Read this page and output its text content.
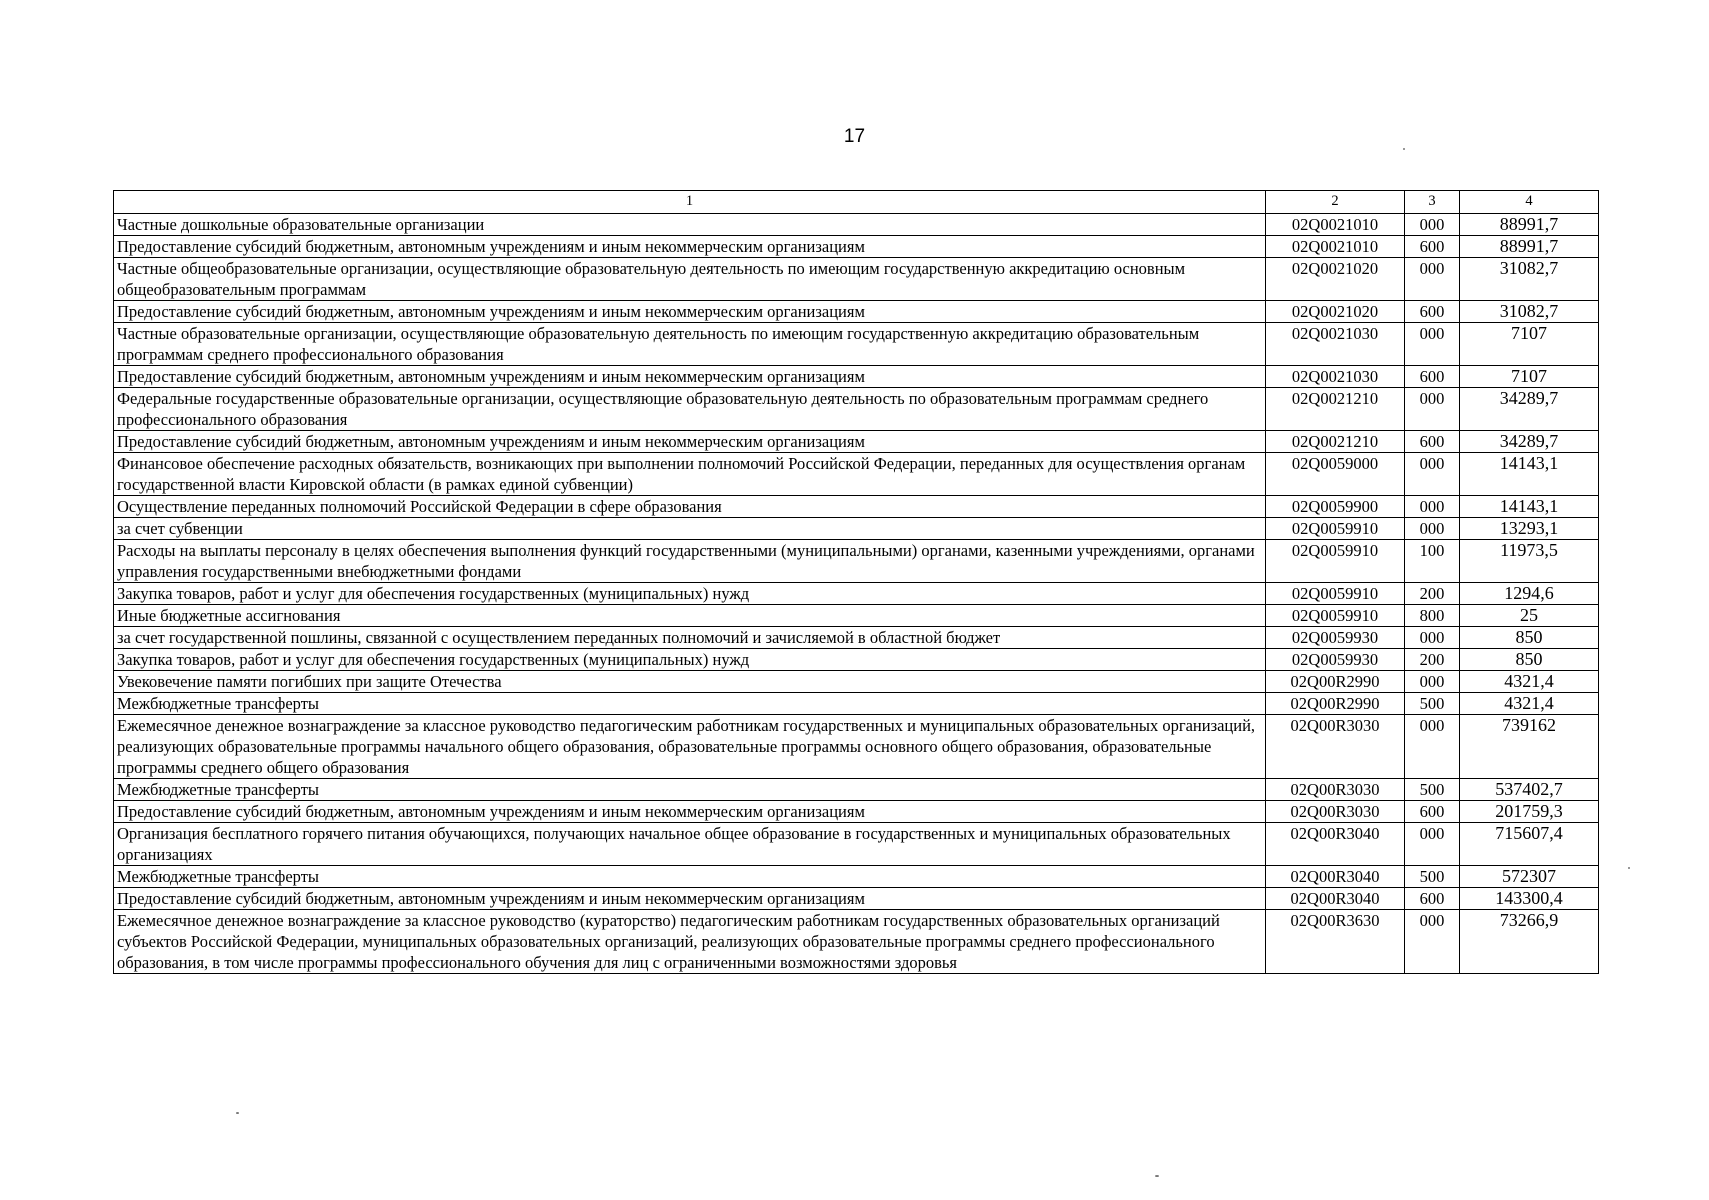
17
1	2	3	4
Частные дошкольные образовательные организации	02Q0021010	000	88991,7
Предоставление субсидий бюджетным, автономным учреждениям и иным некоммерческим организациям	02Q0021010	600	88991,7
Частные общеобразовательные организации, осуществляющие образовательную деятельность по имеющим государственную аккредитацию основным общеобразовательным программам	02Q0021020	000	31082,7
Предоставление субсидий бюджетным, автономным учреждениям и иным некоммерческим организациям	02Q0021020	600	31082,7
Частные образовательные организации, осуществляющие образовательную деятельность по имеющим государственную аккредитацию образовательным программам среднего профессионального образования	02Q0021030	000	7107
Предоставление субсидий бюджетным, автономным учреждениям и иным некоммерческим организациям	02Q0021030	600	7107
Федеральные государственные образовательные организации, осуществляющие образовательную деятельность по образовательным программам среднего профессионального образования	02Q0021210	000	34289,7
Предоставление субсидий бюджетным, автономным учреждениям и иным некоммерческим организациям	02Q0021210	600	34289,7
Финансовое обеспечение расходных обязательств, возникающих при выполнении полномочий Российской Федерации, переданных для осуществления органам государственной власти Кировской области (в рамках единой субвенции)	02Q0059000	000	14143,1
Осуществление переданных полномочий Российской Федерации в сфере образования	02Q0059900	000	14143,1
за счет субвенции	02Q0059910	000	13293,1
Расходы на выплаты персоналу в целях обеспечения выполнения функций государственными (муниципальными) органами, казенными учреждениями, органами управления государственными внебюджетными фондами	02Q0059910	100	11973,5
Закупка товаров, работ и услуг для обеспечения государственных (муниципальных) нужд	02Q0059910	200	1294,6
Иные бюджетные ассигнования	02Q0059910	800	25
за счет государственной пошлины, связанной с осуществлением переданных полномочий и зачисляемой в областной бюджет	02Q0059930	000	850
Закупка товаров, работ и услуг для обеспечения государственных (муниципальных) нужд	02Q0059930	200	850
Увековечение памяти погибших при защите Отечества	02Q00R2990	000	4321,4
Межбюджетные трансферты	02Q00R2990	500	4321,4
Ежемесячное денежное вознаграждение за классное руководство педагогическим работникам государственных и муниципальных образовательных организаций, реализующих образовательные программы начального общего образования, образовательные программы основного общего образования, образовательные программы среднего общего образования	02Q00R3030	000	739162
Межбюджетные трансферты	02Q00R3030	500	537402,7
Предоставление субсидий бюджетным, автономным учреждениям и иным некоммерческим организациям	02Q00R3030	600	201759,3
Организация бесплатного горячего питания обучающихся, получающих начальное общее образование в государственных и муниципальных образовательных организациях	02Q00R3040	000	715607,4
Межбюджетные трансферты	02Q00R3040	500	572307
Предоставление субсидий бюджетным, автономным учреждениям и иным некоммерческим организациям	02Q00R3040	600	143300,4
Ежемесячное денежное вознаграждение за классное руководство (кураторство) педагогическим работникам государственных образовательных организаций субъектов Российской Федерации, муниципальных образовательных организаций, реализующих образовательные программы среднего профессионального образования, в том числе программы профессионального обучения для лиц с ограниченными возможностями здоровья	02Q00R3630	000	73266,9
